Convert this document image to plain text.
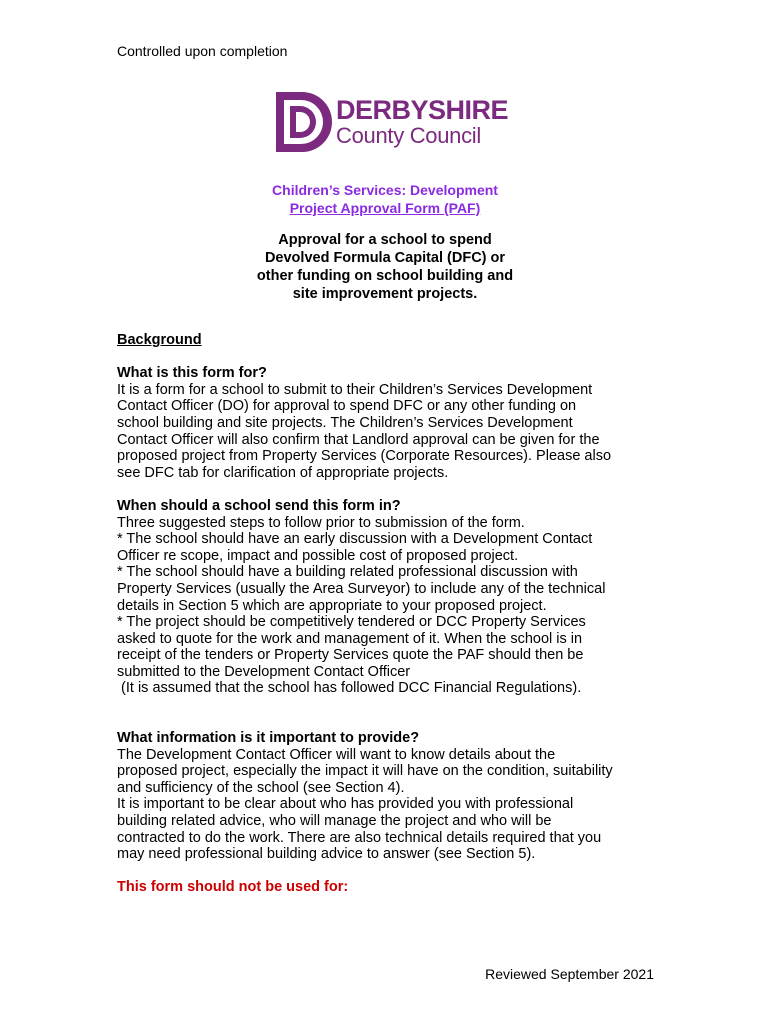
Controlled upon completion
DERBYSHIRE
County Council
Children’s Services: Development
Project Approval Form (PAF)
Approval for a school to spend
Devolved Formula Capital (DFC) or
other funding on school building and
site improvement projects.

Background

What is this form for?

It is a form for a school to submit to their Children’s Services Development

Contact Officer (DO) for approval to spend DFC or any other funding on

school building and site projects. The Children’s Services Development

Contact Officer will also confirm that Landlord approval can be given for the

proposed project from Property Services (Corporate Resources). Please also

see DFC tab for clarification of appropriate projects.

When should a school send this form in?

Three suggested steps to follow prior to submission of the form.

* The school should have an early discussion with a Development Contact

Officer re scope, impact and possible cost of proposed project.

* The school should have a building related professional discussion with

Property Services (usually the Area Surveyor) to include any of the technical

details in Section 5 which are appropriate to your proposed project.

* The project should be competitively tendered or DCC Property Services

asked to quote for the work and management of it. When the school is in

receipt of the tenders or Property Services quote the PAF should then be

submitted to the Development Contact Officer

(It is assumed that the school has followed DCC Financial Regulations).

What information is it important to provide?

The Development Contact Officer will want to know details about the

proposed project, especially the impact it will have on the condition, suitability

and sufficiency of the school (see Section 4).

It is important to be clear about who has provided you with professional

building related advice, who will manage the project and who will be

contracted to do the work. There are also technical details required that you

may need professional building advice to answer (see Section 5).

This form should not be used for:

Reviewed September 2021
